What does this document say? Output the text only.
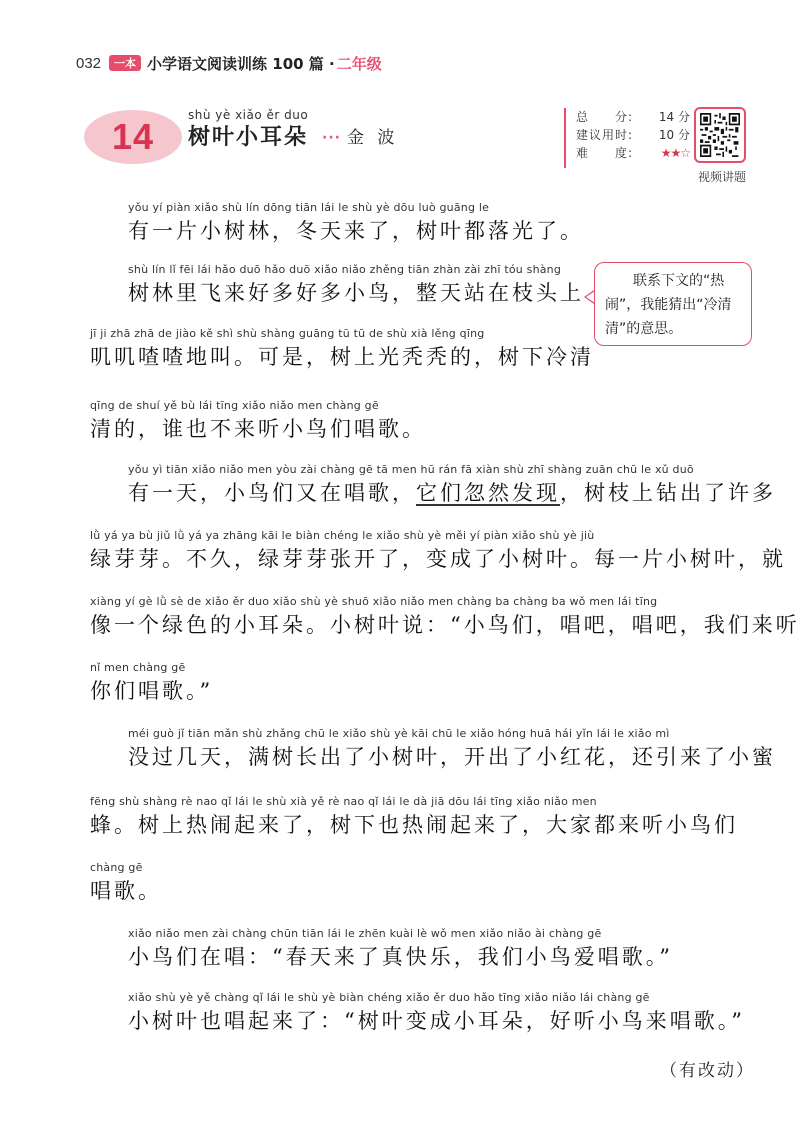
032	一本 小学语文阅读训练 100 篇 · 二年级
14
shù yè xiǎo ěr duo
树叶小耳朵 ··· 金 波
总　　分: 14 分
建议用时: 10 分
难　　度: ★★☆
视频讲题
联系下文的“热闹”，我能猜出“冷清清”的意思。
yǒu yí piàn xiǎo shù lín dōng tiān lái le shù yè dōu luò guāng le
有一片小树林，冬天来了，树叶都落光了。
shù lín lǐ fēi lái hǎo duō hǎo duō xiǎo niǎo zhěng tiān zhàn zài zhī tóu shàng
树林里飞来好多好多小鸟，整天站在枝头上
jī ji zhā zhā de jiào kě shì shù shàng guāng tū tū de shù xià lěng qīng
叽叽喳喳地叫。可是，树上光秃秃的，树下冷清
qīng de shuí yě bù lái tīng xiǎo niǎo men chàng gē
清的，谁也不来听小鸟们唱歌。
yǒu yì tiān xiǎo niǎo men yòu zài chàng gē tā men hū rán fā xiàn shù zhī shàng zuān chū le xǔ duō
有一天，小鸟们又在唱歌，它们忽然发现，树枝上钻出了许多
lǜ yá ya bù jiǔ lǜ yá ya zhāng kāi le biàn chéng le xiǎo shù yè měi yí piàn xiǎo shù yè jiù
绿芽芽。不久，绿芽芽张开了，变成了小树叶。每一片小树叶，就
xiàng yí gè lǜ sè de xiǎo ěr duo xiǎo shù yè shuō xiǎo niǎo men chàng ba chàng ba wǒ men lái tīng
像一个绿色的小耳朵。小树叶说：“小鸟们，唱吧，唱吧，我们来听
nǐ men chàng gē
你们唱歌。”
méi guò jǐ tiān mǎn shù zhǎng chū le xiǎo shù yè kāi chū le xiǎo hóng huā hái yǐn lái le xiǎo mì
没过几天，满树长出了小树叶，开出了小红花，还引来了小蜜
fēng shù shàng rè nao qǐ lái le shù xià yě rè nao qǐ lái le dà jiā dōu lái tīng xiǎo niǎo men
蜂。树上热闹起来了，树下也热闹起来了，大家都来听小鸟们
chàng gē
唱歌。
xiǎo niǎo men zài chàng chūn tiān lái le zhēn kuài lè wǒ men xiǎo niǎo ài chàng gē
小鸟们在唱：“春天来了真快乐，我们小鸟爱唱歌。”
xiǎo shù yè yě chàng qǐ lái le shù yè biàn chéng xiǎo ěr duo hǎo tīng xiǎo niǎo lái chàng gē
小树叶也唱起来了：“树叶变成小耳朵，好听小鸟来唱歌。”
（有改动）
